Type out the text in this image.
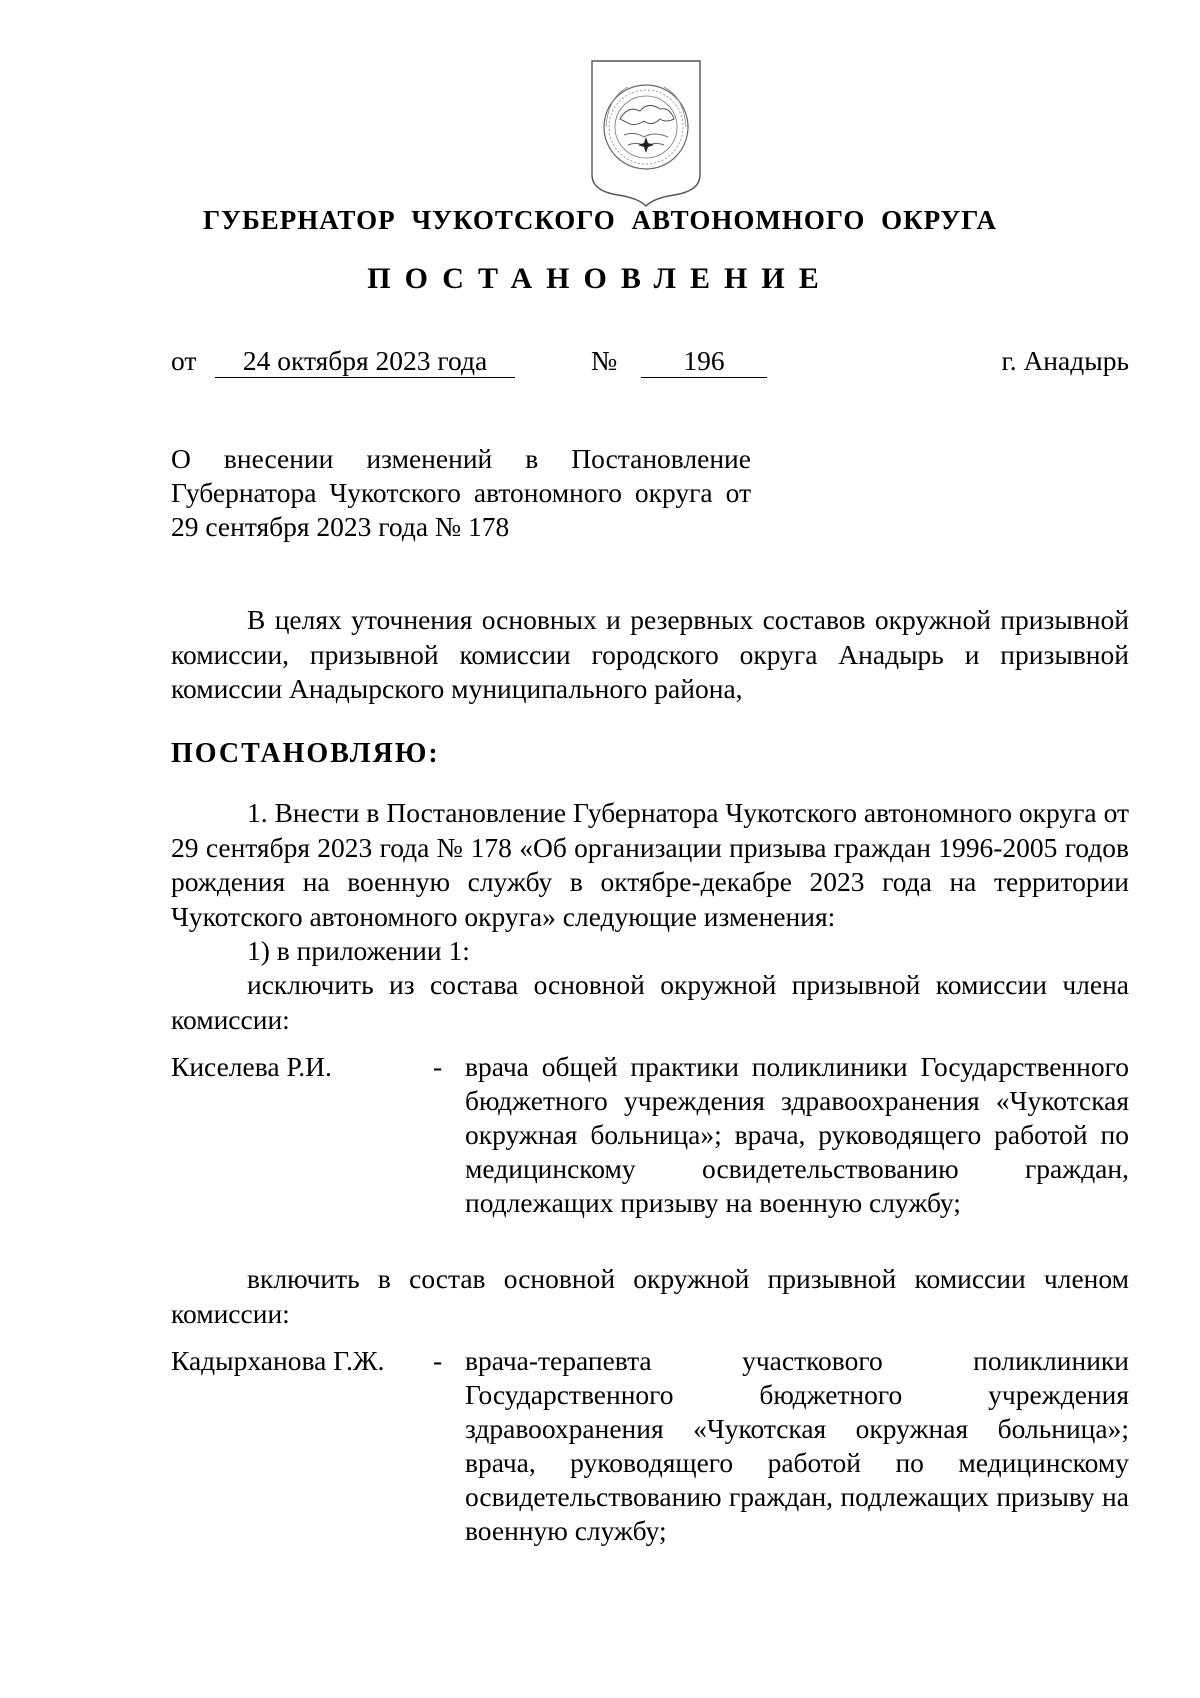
ГУБЕРНАТОР ЧУКОТСКОГО АВТОНОМНОГО ОКРУГА
ПОСТАНОВЛЕНИЕ
от	24 октября 2023 года	№	196	г. Анадырь
О внесении изменений в Постановление Губернатора Чукотского автономного округа от 29 сентября 2023 года № 178
В целях уточнения основных и резервных составов окружной призывной комиссии, призывной комиссии городского округа Анадырь и призывной комиссии Анадырского муниципального района,
ПОСТАНОВЛЯЮ:
1. Внести в Постановление Губернатора Чукотского автономного округа от 29 сентября 2023 года № 178 «Об организации призыва граждан 1996-2005 годов рождения на военную службу в октябре-декабре 2023 года на территории Чукотского автономного округа» следующие изменения:
1) в приложении 1:
исключить из состава основной окружной призывной комиссии члена комиссии:
Киселева Р.И.	- врача общей практики поликлиники Государственного бюджетного учреждения здравоохранения «Чукотская окружная больница»; врача, руководящего работой по медицинскому освидетельствованию граждан, подлежащих призыву на военную службу;
включить в состав основной окружной призывной комиссии членом комиссии:
Кадырханова Г.Ж. - врача-терапевта участкового поликлиники Государственного бюджетного учреждения здравоохранения «Чукотская окружная больница»; врача, руководящего работой по медицинскому освидетельствованию граждан, подлежащих призыву на военную службу;
